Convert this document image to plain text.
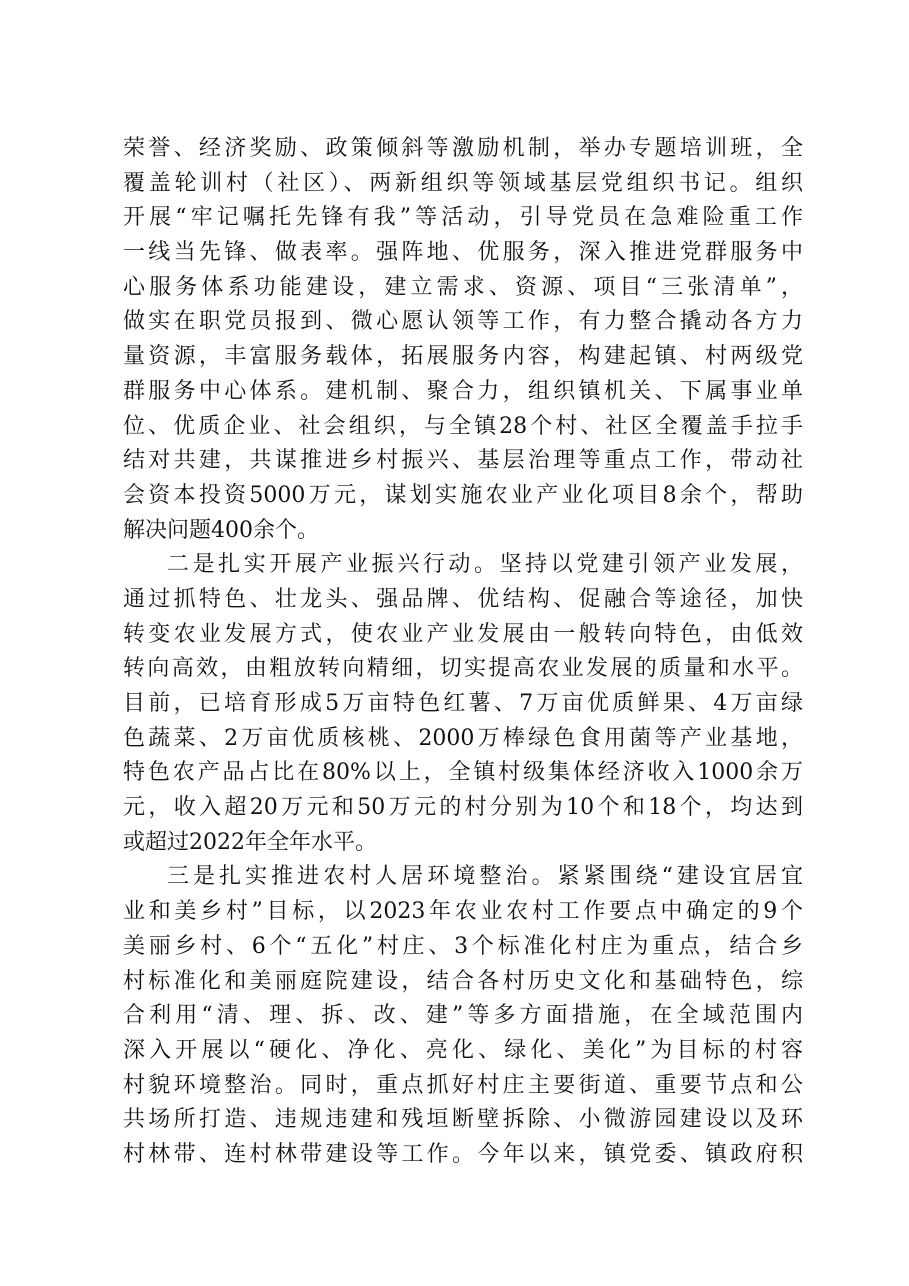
荣誉、经济奖励、政策倾斜等激励机制，举办专题培训班，全
覆盖轮训村（社区）、两新组织等领域基层党组织书记。组织
开展“牢记嘱托先锋有我”等活动，引导党员在急难险重工作
一线当先锋、做表率。强阵地、优服务，深入推进党群服务中
心服务体系功能建设，建立需求、资源、项目“三张清单”，
做实在职党员报到、微心愿认领等工作，有力整合撬动各方力
量资源，丰富服务载体，拓展服务内容，构建起镇、村两级党
群服务中心体系。建机制、聚合力，组织镇机关、下属事业单
位、优质企业、社会组织，与全镇28个村、社区全覆盖手拉手
结对共建，共谋推进乡村振兴、基层治理等重点工作，带动社
会资本投资5000万元，谋划实施农业产业化项目8余个，帮助
解决问题400余个。
二是扎实开展产业振兴行动。坚持以党建引领产业发展，
通过抓特色、壮龙头、强品牌、优结构、促融合等途径，加快
转变农业发展方式，使农业产业发展由一般转向特色，由低效
转向高效，由粗放转向精细，切实提高农业发展的质量和水平。
目前，已培育形成5万亩特色红薯、7万亩优质鲜果、4万亩绿
色蔬菜、2万亩优质核桃、2000万棒绿色食用菌等产业基地，
特色农产品占比在80%以上，全镇村级集体经济收入1000余万
元，收入超20万元和50万元的村分别为10个和18个，均达到
或超过2022年全年水平。
三是扎实推进农村人居环境整治。紧紧围绕“建设宜居宜
业和美乡村”目标，以2023年农业农村工作要点中确定的9个
美丽乡村、6个“五化”村庄、3个标准化村庄为重点，结合乡
村标准化和美丽庭院建设，结合各村历史文化和基础特色，综
合利用“清、理、拆、改、建”等多方面措施，在全域范围内
深入开展以“硬化、净化、亮化、绿化、美化”为目标的村容
村貌环境整治。同时，重点抓好村庄主要街道、重要节点和公
共场所打造、违规违建和残垣断壁拆除、小微游园建设以及环
村林带、连村林带建设等工作。今年以来，镇党委、镇政府积
